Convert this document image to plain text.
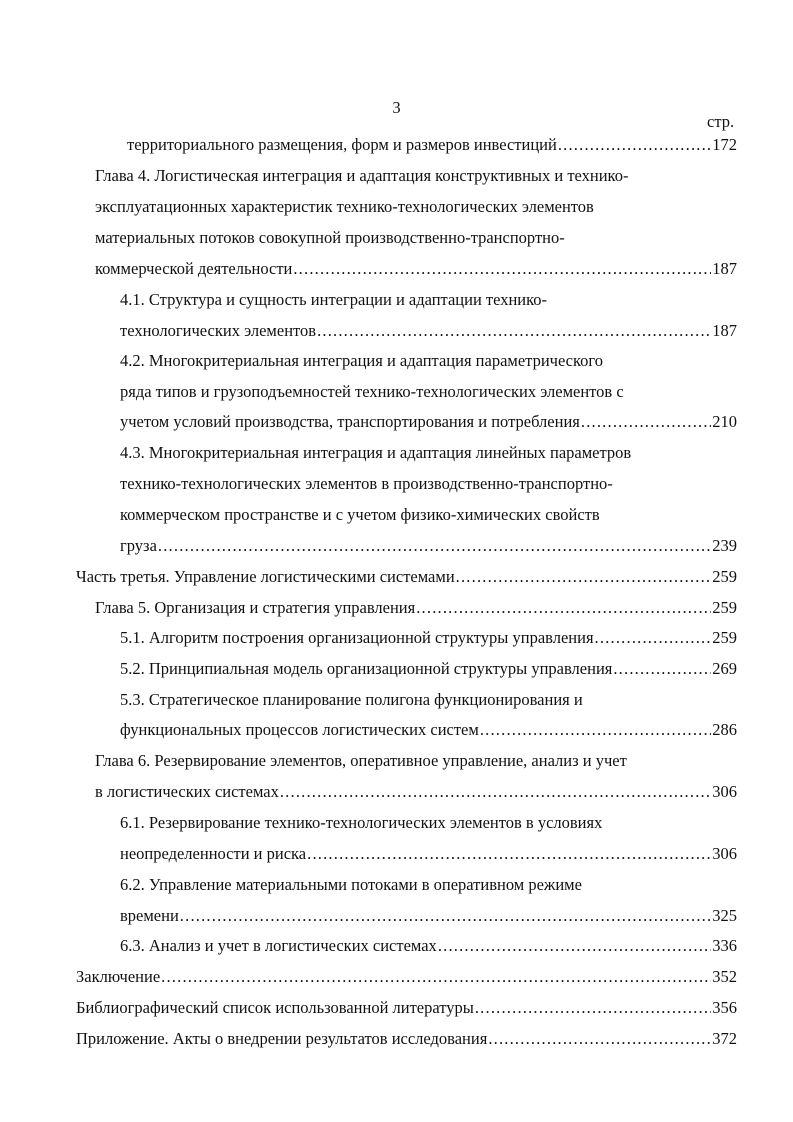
3
стр.
территориального размещения, форм и размеров инвестиций .....	172
Глава 4. Логистическая интеграция и адаптация конструктивных и технико-
эксплуатационных характеристик технико-технологических элементов
материальных потоков совокупной производственно-транспортно-
коммерческой деятельности .....	187
4.1. Структура и сущность интеграции и адаптации технико-
технологических элементов .....	187
4.2. Многокритериальная интеграция и адаптация параметрического
ряда типов и грузоподъемностей технико-технологических элементов с
учетом условий производства, транспортирования и потребления .....	210
4.3. Многокритериальная интеграция и адаптация линейных параметров
технико-технологических элементов в производственно-транспортно-
коммерческом пространстве и с учетом физико-химических свойств
груза .....	239
Часть третья. Управление логистическими системами .....	259
Глава 5. Организация и стратегия управления .....	259
5.1. Алгоритм построения организационной структуры управления .....	259
5.2. Принципиальная модель организационной структуры управления .....	269
5.3. Стратегическое планирование полигона функционирования и
функциональных процессов логистических систем .....	286
Глава 6. Резервирование элементов, оперативное управление, анализ и учет
в логистических системах .....	306
6.1. Резервирование технико-технологических элементов в условиях
неопределенности и риска .....	306
6.2. Управление материальными потоками в оперативном режиме
времени .....	325
6.3. Анализ и учет в логистических системах .....	336
Заключение .....	352
Библиографический список использованной литературы .....	356
Приложение. Акты о внедрении результатов исследования .....	372
